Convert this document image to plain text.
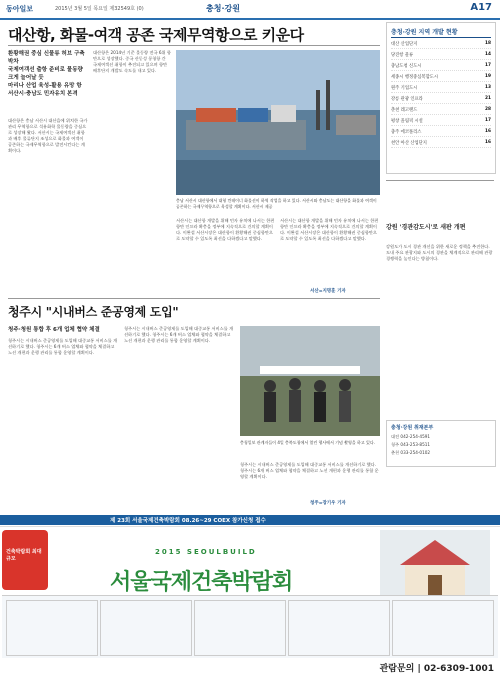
동아일보	2015년 3월 5일 목요일 제32549호 (0)	충청·강원	A17
대산항, 화물-여객 공존 국제무역항으로 키운다
환황해권 중심 신물류 허브 구축 박차
국제여객선 출항 준비로 물동량 크게 늘어날 듯
마리나 산업 육성-활용 유망 항
서산시·충남도 민자유치 본격
대산항은 충남 서산시 대산읍에 위치한 국가관리 무역항으로 석유화학 물동량을 중심으로 성장해 왔다. 서산시는 국제여객선 취항과 배후 물류단지 조성으로 화물과 여객이 공존하는 국제무역항으로 발전시킨다는 계획이다.
대산항은 2014년 기준 물동량 전국 6위 항만으로 성장했다. 중국 산둥성 룽청항 간 국제여객선 취항이 추진되고 있으며 항만 배후단지 개발도 속도를 내고 있다.
충남 서산시 대산항에서 대형 컨테이너 화물선이 하역 작업을 하고 있다. 서산시와 충남도는 대산항을 화물과 여객이 공존하는 국제무역항으로 육성할 계획이다. 서산시 제공
서산시는 대산항 개발을 위해 민자 유치에 나서는 한편 항만 인프라 확충을 정부에 지속적으로 건의할 계획이다. 이완섭 서산시장은 대산항이 환황해권 중심항만으로 도약할 수 있도록 최선을 다하겠다고 말했다.
서산시는 대산항 개발을 위해 민자 유치에 나서는 한편 항만 인프라 확충을 정부에 지속적으로 건의할 계획이다. 이완섭 서산시장은 대산항이 환황해권 중심항만으로 도약할 수 있도록 최선을 다하겠다고 말했다.
서산=지명훈 기자
충청·강원 지역 개발 현황
대산 산업단지	18
당진항 물류	14
충남도청 신도시	17
세종시 행정중심복합도시	19
원주 기업도시	13
강릉 관광 인프라	21
춘천 레고랜드	28
평창 올림픽 시설	17
충주 에코폴리스	16
천안 아산 산업단지	16
강원 '경관감도시'로 새판 개편
강원도가 도시 경관 개선을 위한 새로운 정책을 추진한다. 도내 주요 관광지와 도시의 경관을 체계적으로 관리해 관광 경쟁력을 높인다는 방침이다.
충청·강원 취재본부
대전 042-254-4591
청주 043-253-8511
춘천 033-254-0102
청주시 "시내버스 준공영제 도입"
청주·청원 통합 후 6개 업체 협약 체결
청주시는 시내버스 준공영제를 도입해 대중교통 서비스를 개선하기로 했다. 청주시는 6개 버스 업체와 협약을 체결하고 노선 개편과 운행 관리를 통합 운영할 계획이다.
청주시는 시내버스 준공영제를 도입해 대중교통 서비스를 개선하기로 했다. 청주시는 6개 버스 업체와 협약을 체결하고 노선 개편과 운행 관리를 통합 운영할 계획이다.
충청일보 관계자들이 4일 충북도청에서 열린 행사에서 기념 촬영을 하고 있다.
청주시는 시내버스 준공영제를 도입해 대중교통 서비스를 개선하기로 했다. 청주시는 6개 버스 업체와 협약을 체결하고 노선 개편과 운행 관리를 통합 운영할 계획이다.
청주=장기우 기자
제 23회 서울국제건축박람회 08.26~29 COEX 참가신청 접수
건축박람회 최대규모
2015 SEOULBUILD
서울국제건축박람회
관람문의 | 02-6309-1001
